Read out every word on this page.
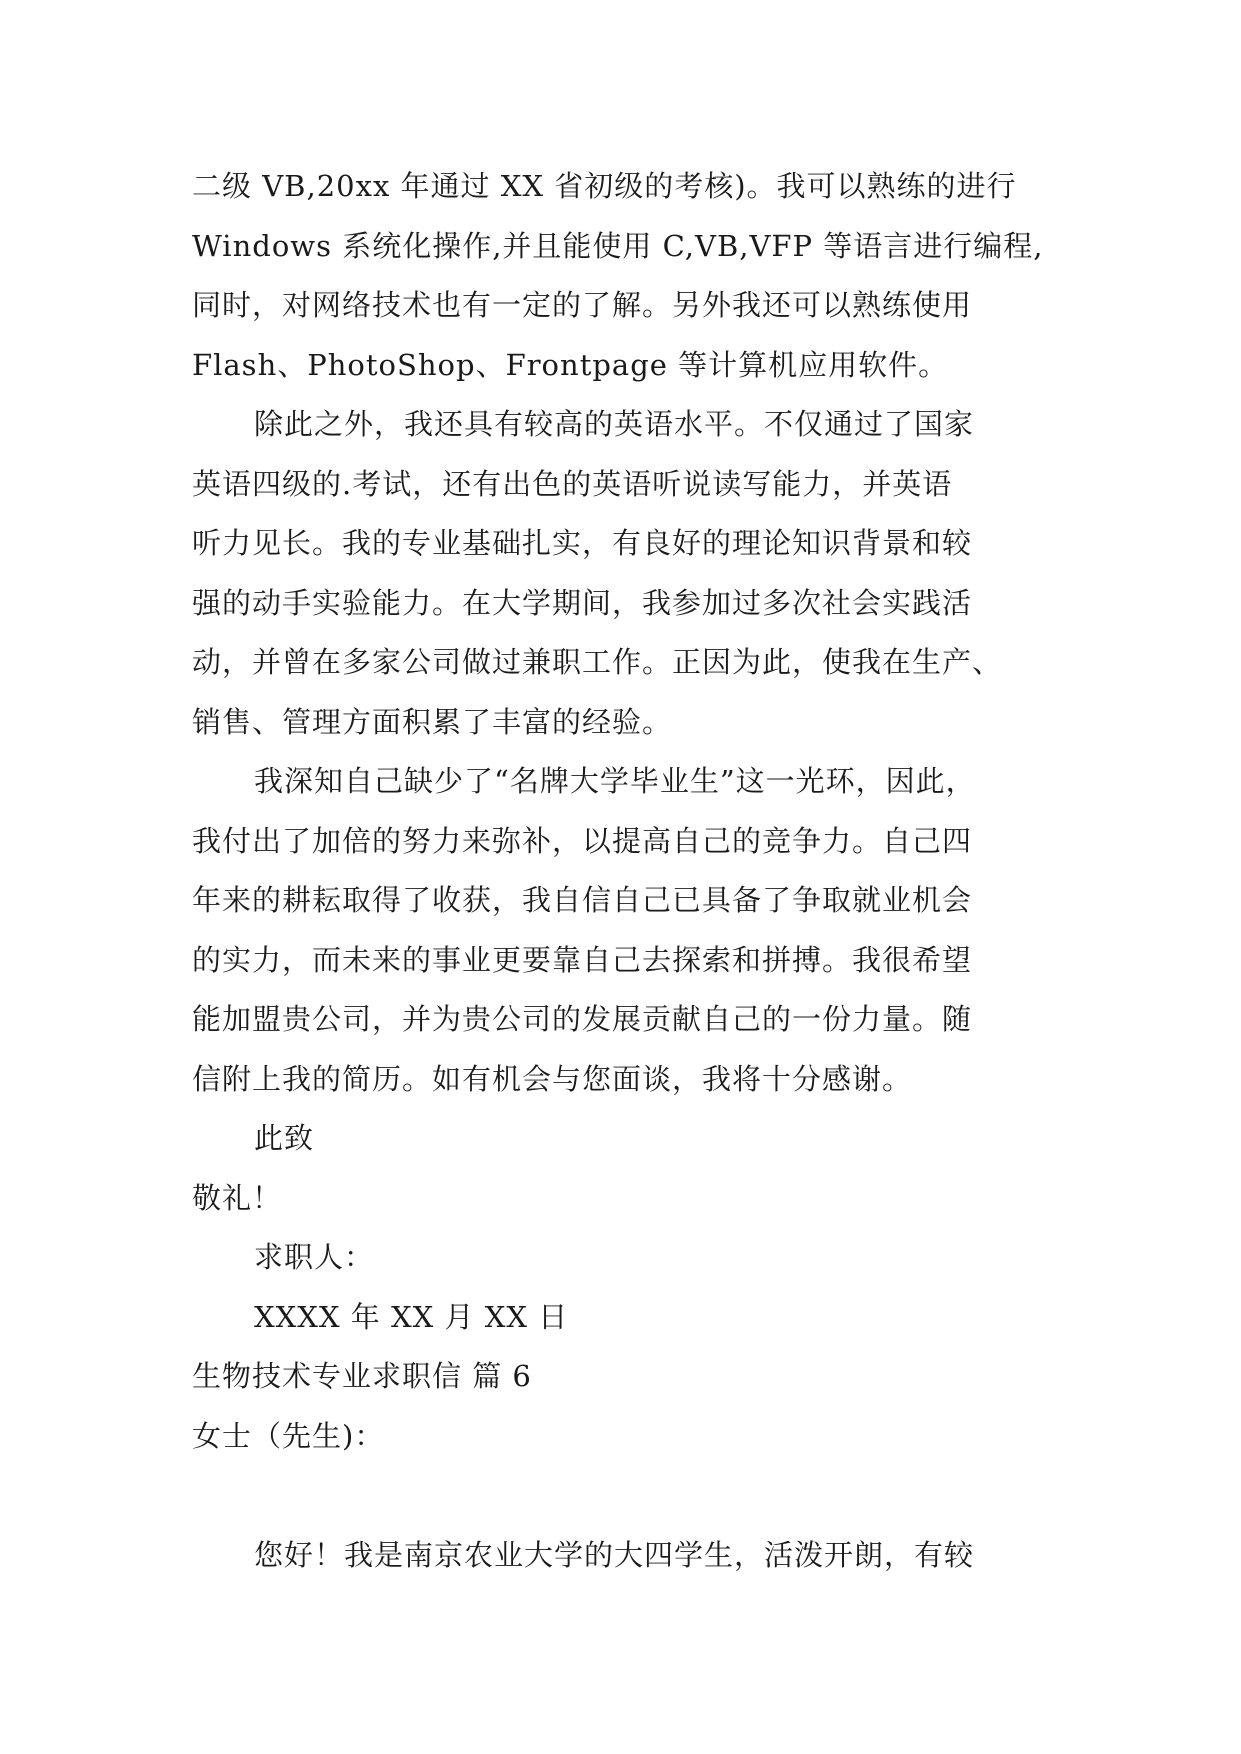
二级 VB,20xx 年通过 XX 省初级的考核)。我可以熟练的进行
Windows 系统化操作,并且能使用 C,VB,VFP 等语言进行编程,
同时，对网络技术也有一定的了解。另外我还可以熟练使用
Flash、PhotoShop、Frontpage 等计算机应用软件。
除此之外，我还具有较高的英语水平。不仅通过了国家
英语四级的.考试，还有出色的英语听说读写能力，并英语
听力见长。我的专业基础扎实，有良好的理论知识背景和较
强的动手实验能力。在大学期间，我参加过多次社会实践活
动，并曾在多家公司做过兼职工作。正因为此，使我在生产、
销售、管理方面积累了丰富的经验。
我深知自己缺少了“名牌大学毕业生”这一光环，因此，
我付出了加倍的努力来弥补，以提高自己的竞争力。自己四
年来的耕耘取得了收获，我自信自己已具备了争取就业机会
的实力，而未来的事业更要靠自己去探索和拼搏。我很希望
能加盟贵公司，并为贵公司的发展贡献自己的一份力量。随
信附上我的简历。如有机会与您面谈，我将十分感谢。
此致
敬礼！
求职人：
XXXX 年 XX 月 XX 日
生物技术专业求职信 篇 6
女士（先生)：
您好！我是南京农业大学的大四学生，活泼开朗，有较
